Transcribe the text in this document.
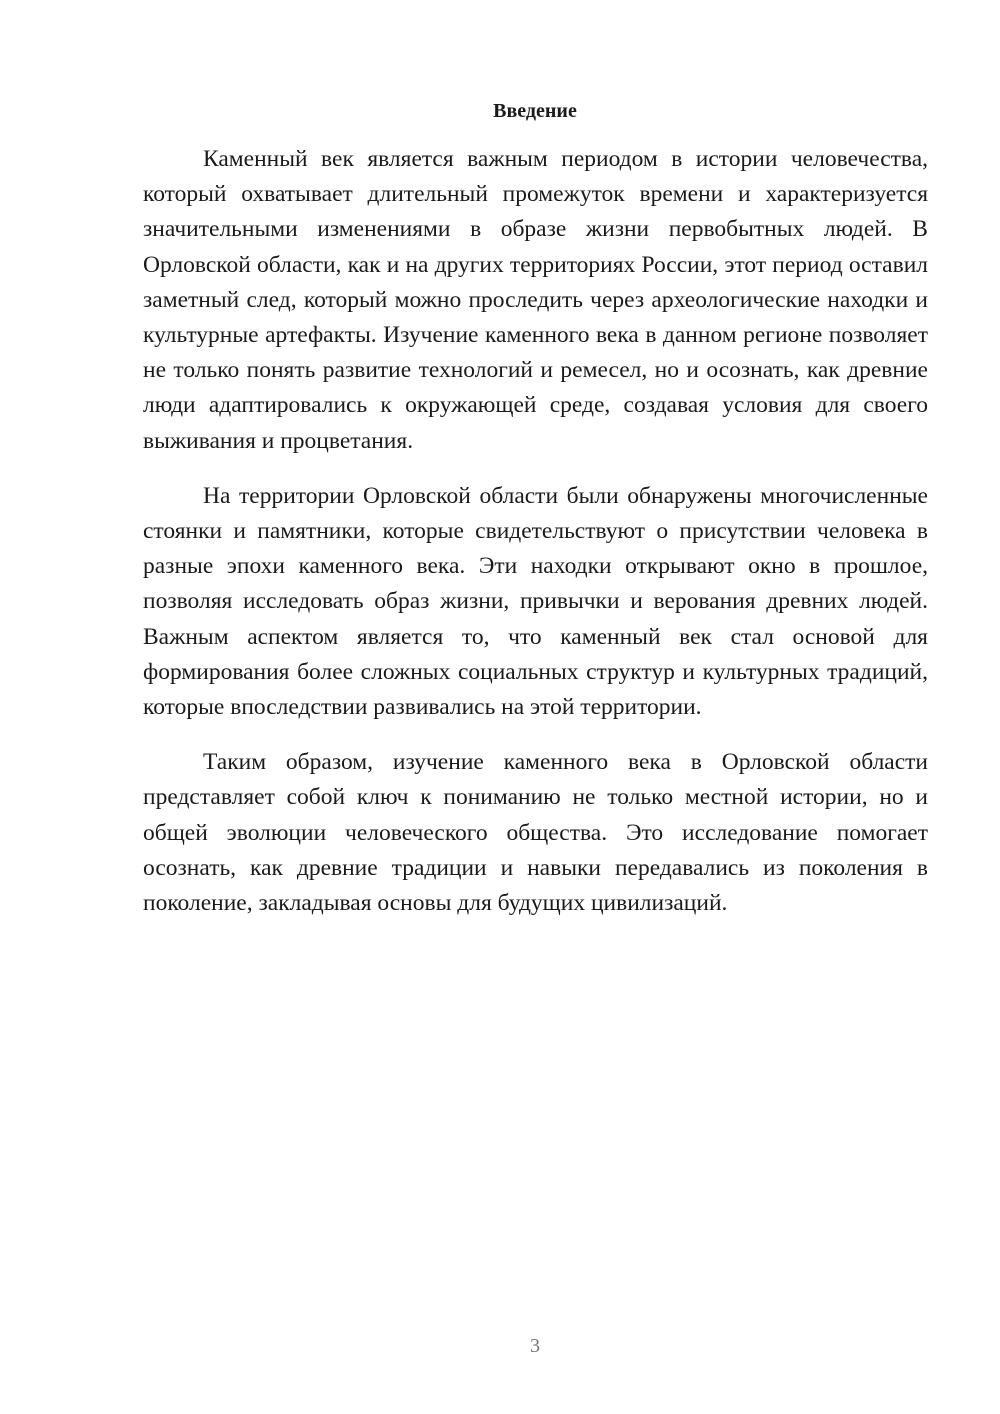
Введение

Каменный век является важным периодом в истории человечества, который охватывает длительный промежуток времени и характеризуется значительными изменениями в образе жизни первобытных людей. В Орловской области, как и на других территориях России, этот период оставил заметный след, который можно проследить через археологические находки и культурные артефакты. Изучение каменного века в данном регионе позволяет не только понять развитие технологий и ремесел, но и осознать, как древние люди адаптировались к окружающей среде, создавая условия для своего выживания и процветания.

На территории Орловской области были обнаружены многочисленные стоянки и памятники, которые свидетельствуют о присутствии человека в разные эпохи каменного века. Эти находки открывают окно в прошлое, позволяя исследовать образ жизни, привычки и верования древних людей. Важным аспектом является то, что каменный век стал основой для формирования более сложных социальных структур и культурных традиций, которые впоследствии развивались на этой территории.

Таким образом, изучение каменного века в Орловской области представляет собой ключ к пониманию не только местной истории, но и общей эволюции человеческого общества. Это исследование помогает осознать, как древние традиции и навыки передавались из поколения в поколение, закладывая основы для будущих цивилизаций.

3
